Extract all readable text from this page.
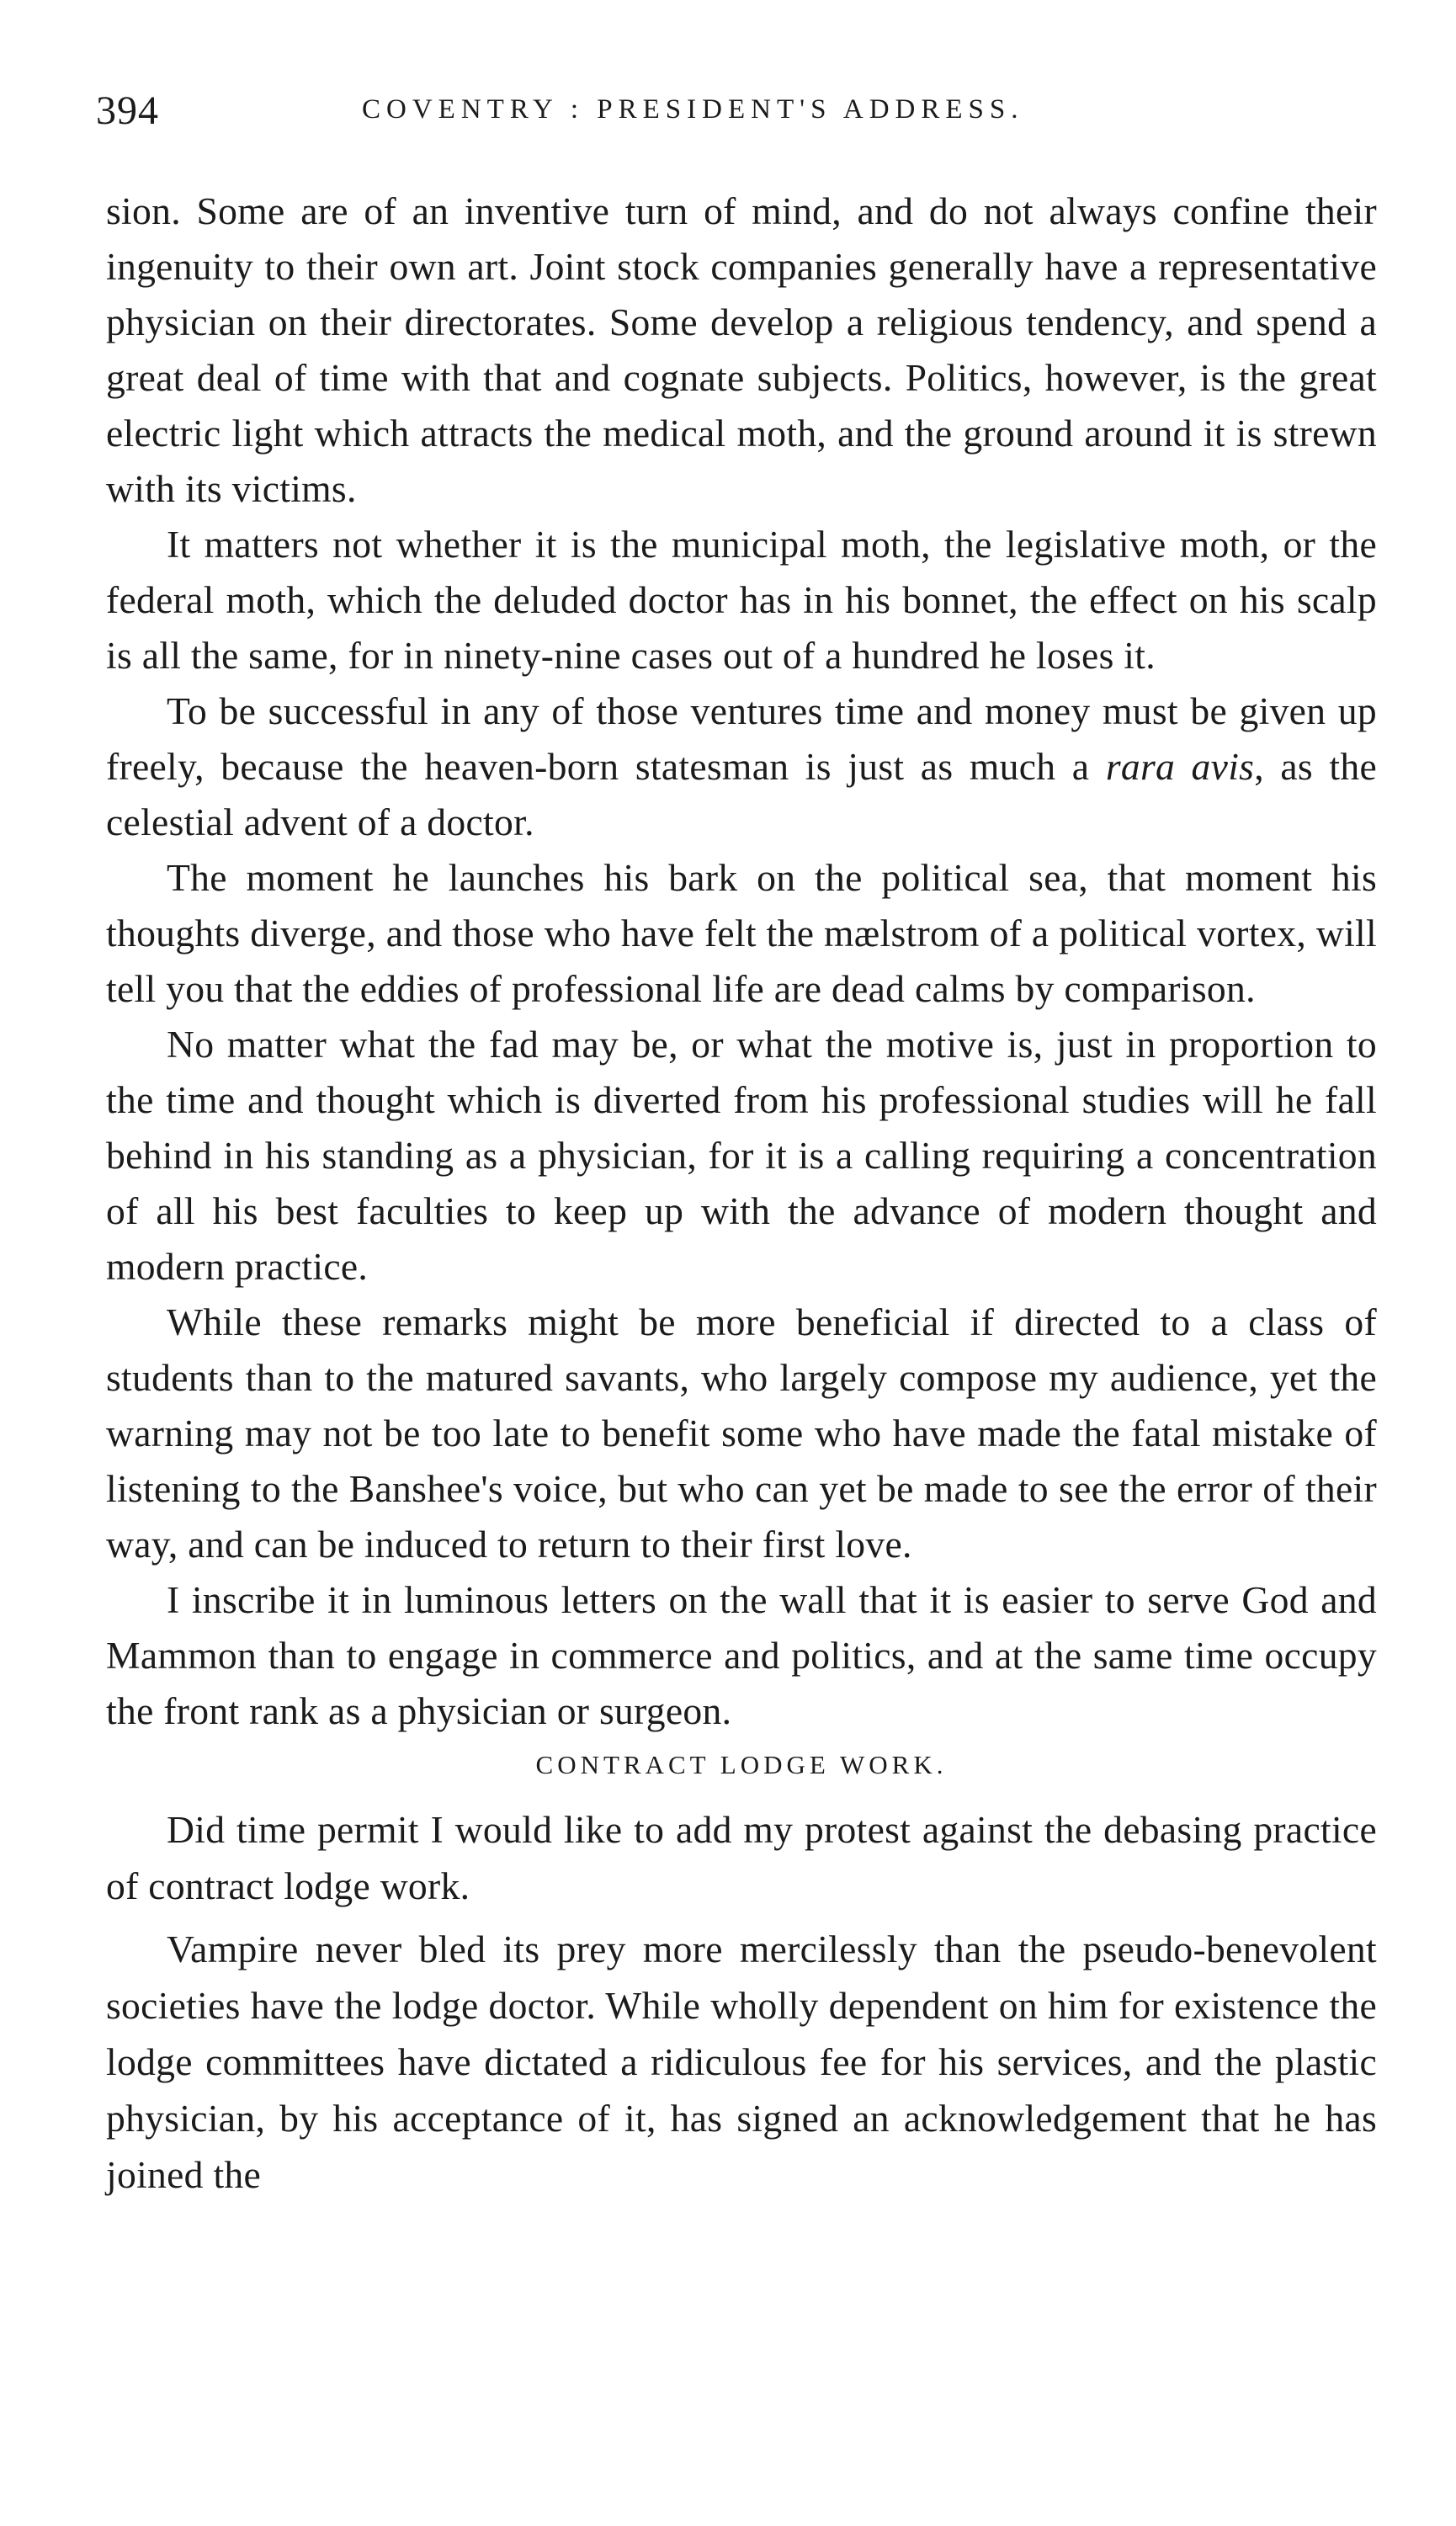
394	COVENTRY : PRESIDENT'S ADDRESS.

sion. Some are of an inventive turn of mind, and do not always confine their ingenuity to their own art. Joint stock companies generally have a representative physician on their directorates. Some develop a religious tendency, and spend a great deal of time with that and cognate subjects. Politics, however, is the great electric light which attracts the medical moth, and the ground around it is strewn with its victims.

It matters not whether it is the municipal moth, the legislative moth, or the federal moth, which the deluded doctor has in his bonnet, the effect on his scalp is all the same, for in ninety-nine cases out of a hundred he loses it.

To be successful in any of those ventures time and money must be given up freely, because the heaven-born statesman is just as much a rara avis, as the celestial advent of a doctor.

The moment he launches his bark on the political sea, that moment his thoughts diverge, and those who have felt the mælstrom of a political vortex, will tell you that the eddies of professional life are dead calms by comparison.

No matter what the fad may be, or what the motive is, just in proportion to the time and thought which is diverted from his professional studies will he fall behind in his standing as a physician, for it is a calling requiring a concentration of all his best faculties to keep up with the advance of modern thought and modern practice.

While these remarks might be more beneficial if directed to a class of students than to the matured savants, who largely compose my audience, yet the warning may not be too late to benefit some who have made the fatal mistake of listening to the Banshee's voice, but who can yet be made to see the error of their way, and can be induced to return to their first love.

I inscribe it in luminous letters on the wall that it is easier to serve God and Mammon than to engage in commerce and politics, and at the same time occupy the front rank as a physician or surgeon.

CONTRACT LODGE WORK.

Did time permit I would like to add my protest against the debasing practice of contract lodge work.

Vampire never bled its prey more mercilessly than the pseudo-benevolent societies have the lodge doctor. While wholly dependent on him for existence the lodge committees have dictated a ridiculous fee for his services, and the plastic physician, by his acceptance of it, has signed an acknowledgement that he has joined the
